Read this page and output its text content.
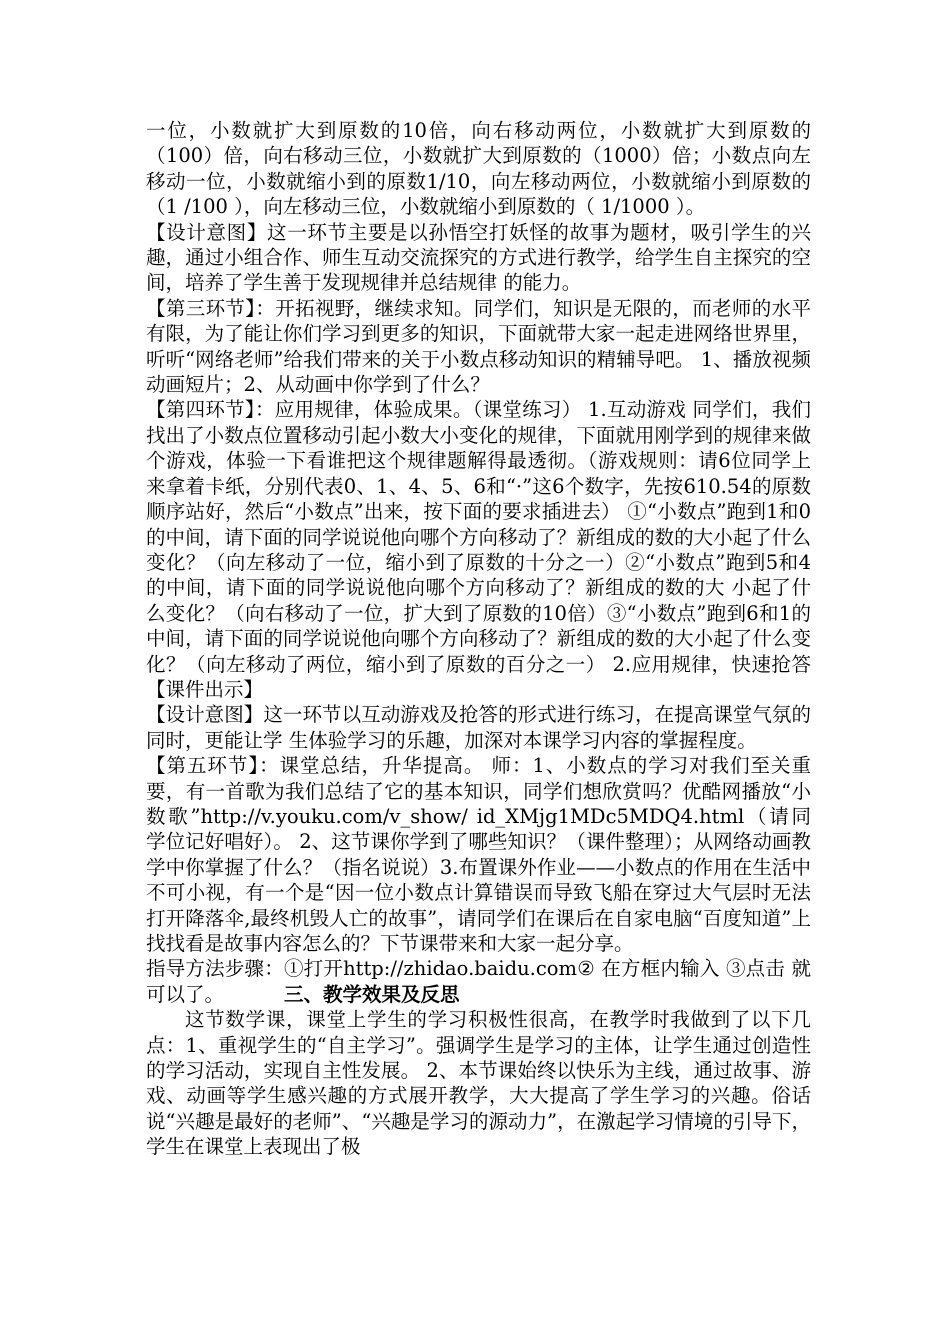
一位，小数就扩大到原数的10倍，向右移动两位，小数就扩大到原数的（100）倍，向右移动三位，小数就扩大到原数的（1000）倍；小数点向左移动一位，小数就缩小到的原数1/10，向左移动两位，小数就缩小到原数的（1 /100 ），向左移动三位，小数就缩小到原数的（ 1/1000 ）。

【设计意图】这一环节主要是以孙悟空打妖怪的故事为题材，吸引学生的兴趣，通过小组合作、师生互动交流探究的方式进行教学，给学生自主探究的空间，培养了学生善于发现规律并总结规律 的能力。

【第三环节】：开拓视野，继续求知。同学们，知识是无限的，而老师的水平有限，为了能让你们学习到更多的知识，下面就带大家一起走进网络世界里，听听“网络老师”给我们带来的关于小数点移动知识的精辅导吧。 1、播放视频动画短片；2、从动画中你学到了什么？

【第四环节】：应用规律，体验成果。（课堂练习） 1.互动游戏 同学们，我们找出了小数点位置移动引起小数大小变化的规律，下面就用刚学到的规律来做个游戏，体验一下看谁把这个规律题解得最透彻。（游戏规则：请6位同学上来拿着卡纸，分别代表0、1、4、5、6和“·”这6个数字，先按610.54的原数顺序站好，然后“小数点”出来，按下面的要求插进去） ①“小数点”跑到1和0的中间，请下面的同学说说他向哪个方向移动了？新组成的数的大小起了什么变化？（向左移动了一位，缩小到了原数的十分之一）②“小数点”跑到5和4的中间，请下面的同学说说他向哪个方向移动了？新组成的数的大 小起了什么变化？（向右移动了一位，扩大到了原数的10倍）③“小数点”跑到6和1的中间，请下面的同学说说他向哪个方向移动了？新组成的数的大小起了什么变化？（向左移动了两位，缩小到了原数的百分之一） 2.应用规律，快速抢答【课件出示】

【设计意图】这一环节以互动游戏及抢答的形式进行练习，在提高课堂气氛的同时，更能让学 生体验学习的乐趣，加深对本课学习内容的掌握程度。

【第五环节】：课堂总结，升华提高。 师：1、小数点的学习对我们至关重要，有一首歌为我们总结了它的基本知识，同学们想欣赏吗？优酷网播放“小数歌”http://v.youku.com/v_show/ id_XMjg1MDc5MDQ4.html（请同学位记好唱好）。 2、这节课你学到了哪些知识？（课件整理）；从网络动画教学中你掌握了什么？（指名说说）3.布置课外作业——小数点的作用在生活中不可小视，有一个是“因一位小数点计算错误而导致飞船在穿过大气层时无法打开降落伞,最终机毁人亡的故事”，请同学们在课后在自家电脑“百度知道”上找找看是故事内容怎么的？下节课带来和大家一起分享。

指导方法步骤：①打开http://zhidao.baidu.com② 在方框内输入 ③点击 就可以了。	三、教学效果及反思

这节数学课，课堂上学生的学习积极性很高，在教学时我做到了以下几点：1、重视学生的“自主学习”。强调学生是学习的主体，让学生通过创造性的学习活动，实现自主性发展。 2、本节课始终以快乐为主线，通过故事、游戏、动画等学生感兴趣的方式展开教学，大大提高了学生学习的兴趣。俗话说“兴趣是最好的老师”、“兴趣是学习的源动力”，在激起学习情境的引导下，学生在课堂上表现出了极
